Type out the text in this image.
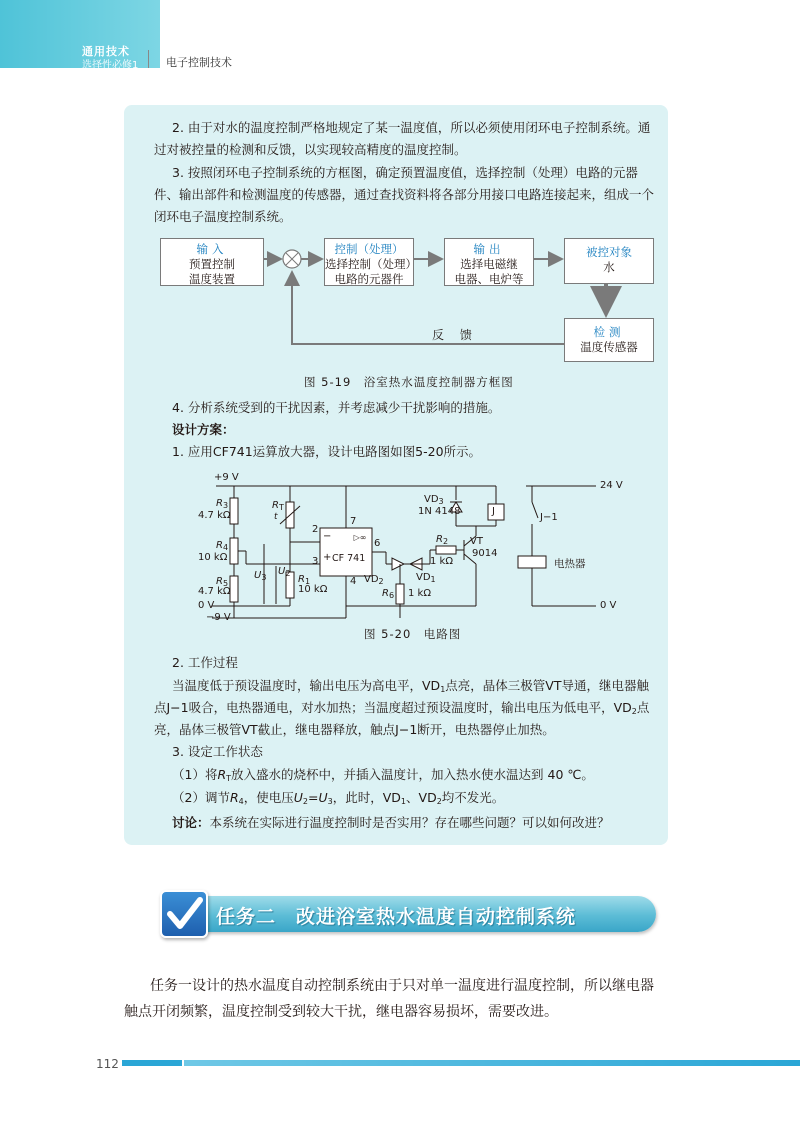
通用技术
选择性必修1	电子控制技术
2. 由于对水的温度控制严格地规定了某一温度值，所以必须使用闭环电子控制系统。通
过对被控量的检测和反馈，以实现较高精度的温度控制。
3. 按照闭环电子控制系统的方框图，确定预置温度值，选择控制（处理）电路的元器
件、输出部件和检测温度的传感器，通过查找资料将各部分用接口电路连接起来，组成一个
闭环电子温度控制系统。
输入
预置控制
温度装置
控制（处理）
选择控制（处理）
电路的元器件
输出
选择电磁继
电器、电炉等
被控对象
水
检测
温度传感器
反 馈
图 5-19　浴室热水温度控制器方框图
4. 分析系统受到的干扰因素，并考虑减少干扰影响的措施。
设计方案：
1. 应用CF741运算放大器，设计电路图如图5-20所示。
▷∞
+9 V
0 V
−9 V
$R_3$
4.7 kΩ
$R_4$
10 kΩ
$R_5$
4.7 kΩ
$R_T$
t
$R_1$
10 kΩ
$U_3$
$U_2$
2
3
7
4
6
−
+ CF 741
$VD_3$
1N 4148
$R_2$
1 kΩ
$VD_2$	$VD_1$
$R_6$ 1 kΩ
VT
9014
J
24 V
0 V
J−1
电热器
图 5-20　电路图
2. 工作过程
当温度低于预设温度时，输出电压为高电平，$VD_1$点亮，晶体三极管VT导通，继电器触
点J−1吸合，电热器通电，对水加热；当温度超过预设温度时，输出电压为低电平，$VD_2$点
亮，晶体三极管VT截止，继电器释放，触点J−1断开，电热器停止加热。
3. 设定工作状态
（1）将$R_T$放入盛水的烧杯中，并插入温度计，加入热水使水温达到 40 ℃。
（2）调节$R_4$，使电压$U_2=U_3$，此时，$VD_1$、$VD_2$均不发光。
讨论：本系统在实际进行温度控制时是否实用？存在哪些问题？可以如何改进？
任务二　改进浴室热水温度自动控制系统
任务一设计的热水温度自动控制系统由于只对单一温度进行温度控制，所以继电器
触点开闭频繁，温度控制受到较大干扰，继电器容易损坏，需要改进。
112
